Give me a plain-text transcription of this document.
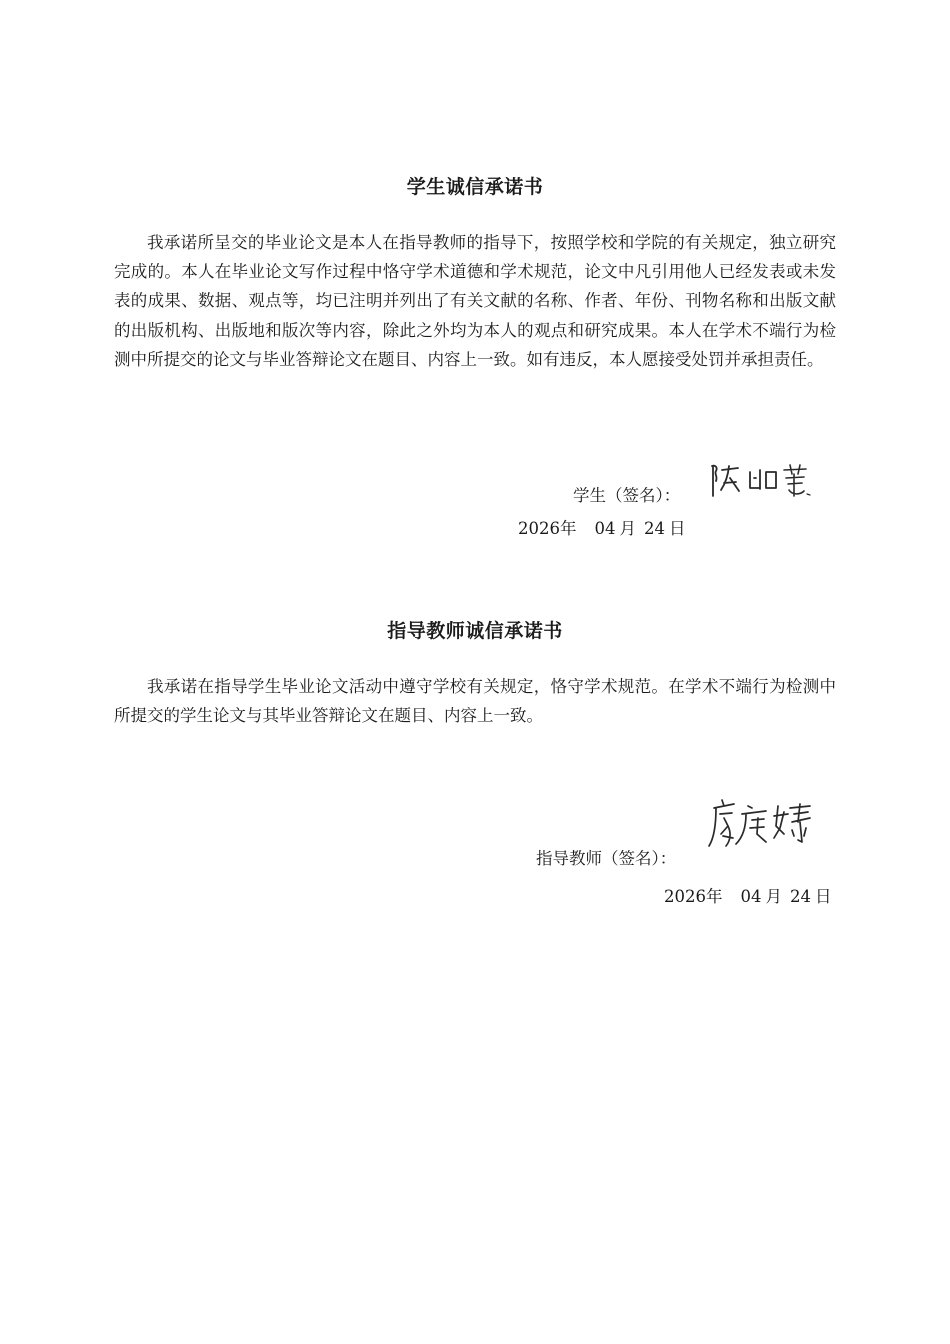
学生诚信承诺书

我承诺所呈交的毕业论文是本人在指导教师的指导下，按照学校和学院的有关规定，独立研究完成的。本人在毕业论文写作过程中恪守学术道德和学术规范，论文中凡引用他人已经发表或未发表的成果、数据、观点等，均已注明并列出了有关文献的名称、作者、年份、刊物名称和出版文献的出版机构、出版地和版次等内容，除此之外均为本人的观点和研究成果。本人在学术不端行为检测中所提交的论文与毕业答辩论文在题目、内容上一致。如有违反，本人愿接受处罚并承担责任。

学生（签名）：
2026年 04 月 24 日
指导教师诚信承诺书

我承诺在指导学生毕业论文活动中遵守学校有关规定，恪守学术规范。在学术不端行为检测中所提交的学生论文与其毕业答辩论文在题目、内容上一致。

指导教师（签名）：
2026年 04 月 24 日
